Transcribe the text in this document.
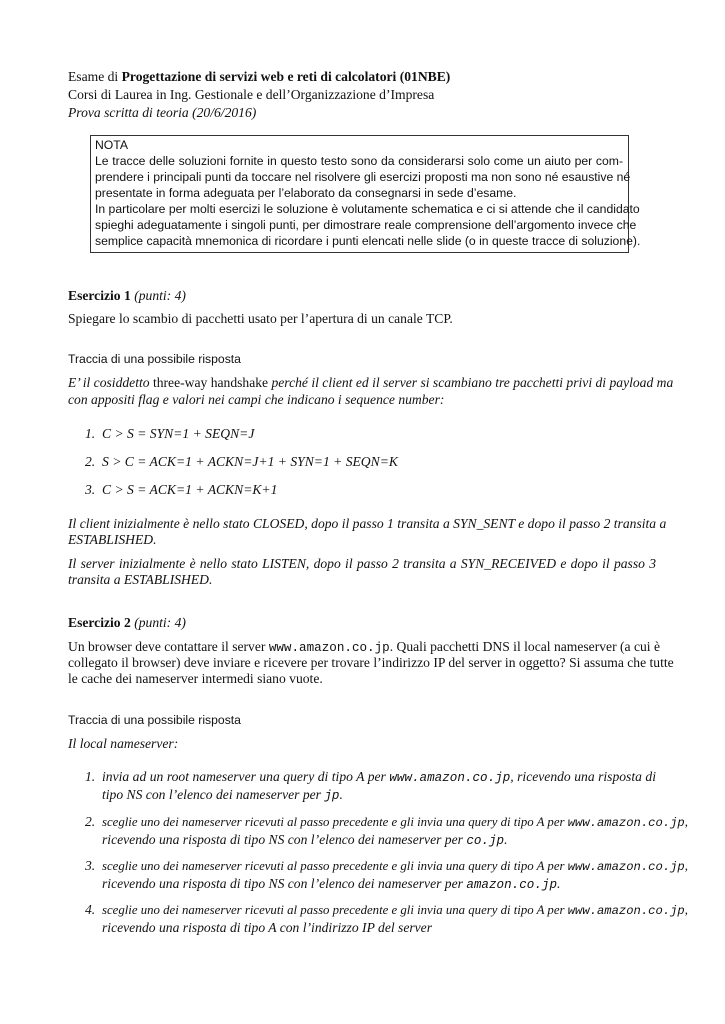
Esame di Progettazione di servizi web e reti di calcolatori (01NBE)
Corsi di Laurea in Ing. Gestionale e dell’Organizzazione d’Impresa
Prova scritta di teoria (20/6/2016)
NOTA
Le tracce delle soluzioni fornite in questo testo sono da considerarsi solo come un aiuto per com-
prendere i principali punti da toccare nel risolvere gli esercizi proposti ma non sono né esaustive né
presentate in forma adeguata per l’elaborato da consegnarsi in sede d’esame.
In particolare per molti esercizi le soluzione è volutamente schematica e ci si attende che il candidato
spieghi adeguatamente i singoli punti, per dimostrare reale comprensione dell’argomento invece che
semplice capacità mnemonica di ricordare i punti elencati nelle slide (o in queste tracce di soluzione).
Esercizio 1 (punti: 4)
Spiegare lo scambio di pacchetti usato per l’apertura di un canale TCP.
Traccia di una possibile risposta
E’ il cosiddetto three-way handshake perché il client ed il server si scambiano tre pacchetti privi di payload ma
con appositi flag e valori nei campi che indicano i sequence number:
1. C > S = SYN=1 + SEQN=J
2. S > C = ACK=1 + ACKN=J+1 + SYN=1 + SEQN=K
3. C > S = ACK=1 + ACKN=K+1
Il client inizialmente è nello stato CLOSED, dopo il passo 1 transita a SYN_SENT e dopo il passo 2 transita a
ESTABLISHED.
Il server inizialmente è nello stato LISTEN, dopo il passo 2 transita a SYN_RECEIVED e dopo il passo 3
transita a ESTABLISHED.
Esercizio 2 (punti: 4)
Un browser deve contattare il server www.amazon.co.jp. Quali pacchetti DNS il local nameserver (a cui è
collegato il browser) deve inviare e ricevere per trovare l’indirizzo IP del server in oggetto? Si assuma che tutte
le cache dei nameserver intermedi siano vuote.
Traccia di una possibile risposta
Il local nameserver:
1. invia ad un root nameserver una query di tipo A per www.amazon.co.jp, ricevendo una risposta di
tipo NS con l’elenco dei nameserver per jp.
2. sceglie uno dei nameserver ricevuti al passo precedente e gli invia una query di tipo A per www.amazon.co.jp,
ricevendo una risposta di tipo NS con l’elenco dei nameserver per co.jp.
3. sceglie uno dei nameserver ricevuti al passo precedente e gli invia una query di tipo A per www.amazon.co.jp,
ricevendo una risposta di tipo NS con l’elenco dei nameserver per amazon.co.jp.
4. sceglie uno dei nameserver ricevuti al passo precedente e gli invia una query di tipo A per www.amazon.co.jp,
ricevendo una risposta di tipo A con l’indirizzo IP del server
